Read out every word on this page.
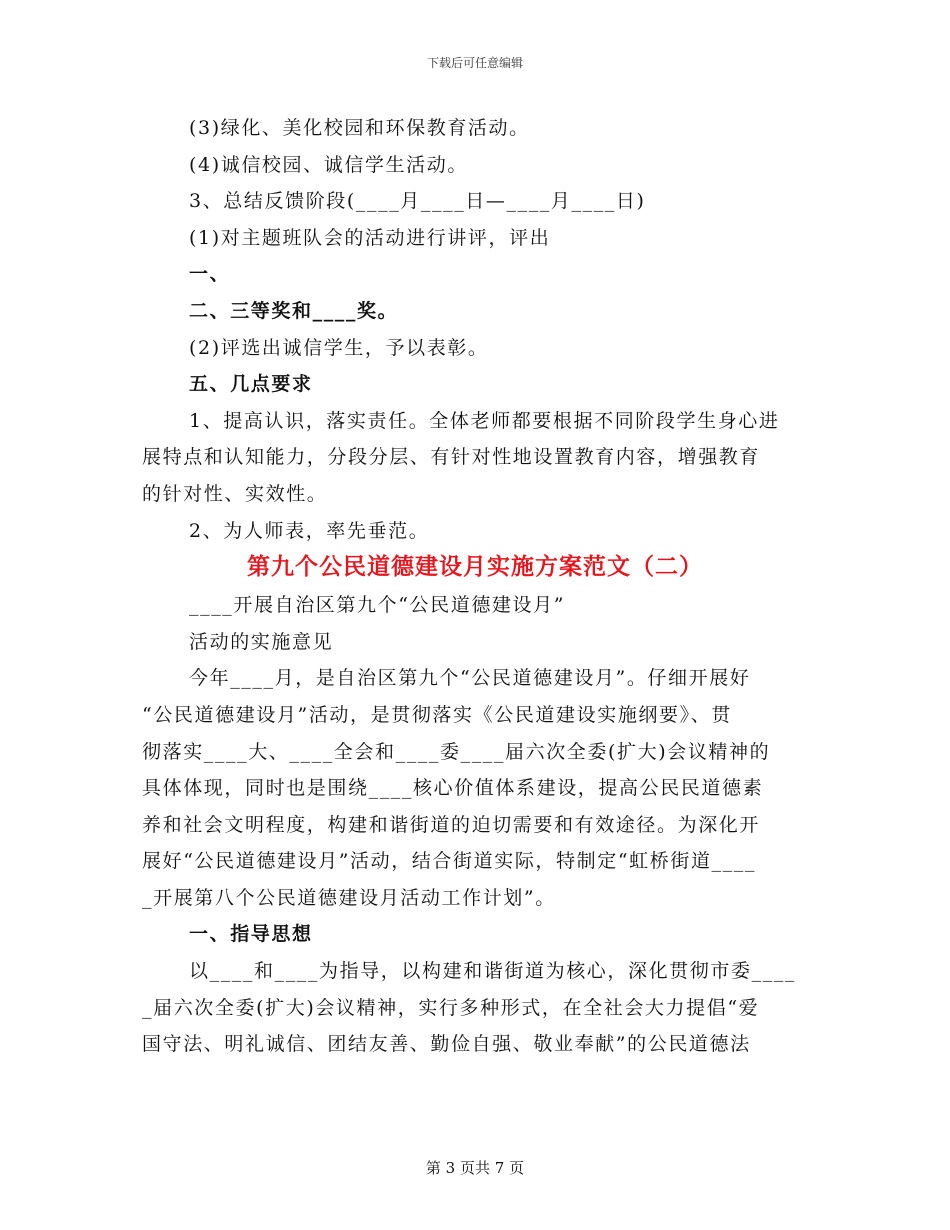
下载后可任意编辑
(3)绿化、美化校园和环保教育活动。
(4)诚信校园、诚信学生活动。
3、总结反馈阶段(____月____日—____月____日)
(1)对主题班队会的活动进行讲评，评出
一、
二、三等奖和____奖。
(2)评选出诚信学生，予以表彰。
五、几点要求
1、提高认识，落实责任。全体老师都要根据不同阶段学生身心进
展特点和认知能力，分段分层、有针对性地设置教育内容，增强教育
的针对性、实效性。
2、为人师表，率先垂范。
第九个公民道德建设月实施方案范文（二）
____开展自治区第九个“公民道德建设月”
活动的实施意见
今年____月，是自治区第九个“公民道德建设月”。仔细开展好
“公民道德建设月”活动，是贯彻落实《公民道建设实施纲要》、贯
彻落实____大、____全会和____委____届六次全委(扩大)会议精神的
具体体现，同时也是围绕____核心价值体系建设，提高公民民道德素
养和社会文明程度，构建和谐街道的迫切需要和有效途径。为深化开
展好“公民道德建设月”活动，结合街道实际，特制定“虹桥街道____
_开展第八个公民道德建设月活动工作计划”。
一、指导思想
以____和____为指导，以构建和谐街道为核心，深化贯彻市委____
_届六次全委(扩大)会议精神，实行多种形式，在全社会大力提倡“爱
国守法、明礼诚信、团结友善、勤俭自强、敬业奉献”的公民道德法
第 3 页共 7 页
